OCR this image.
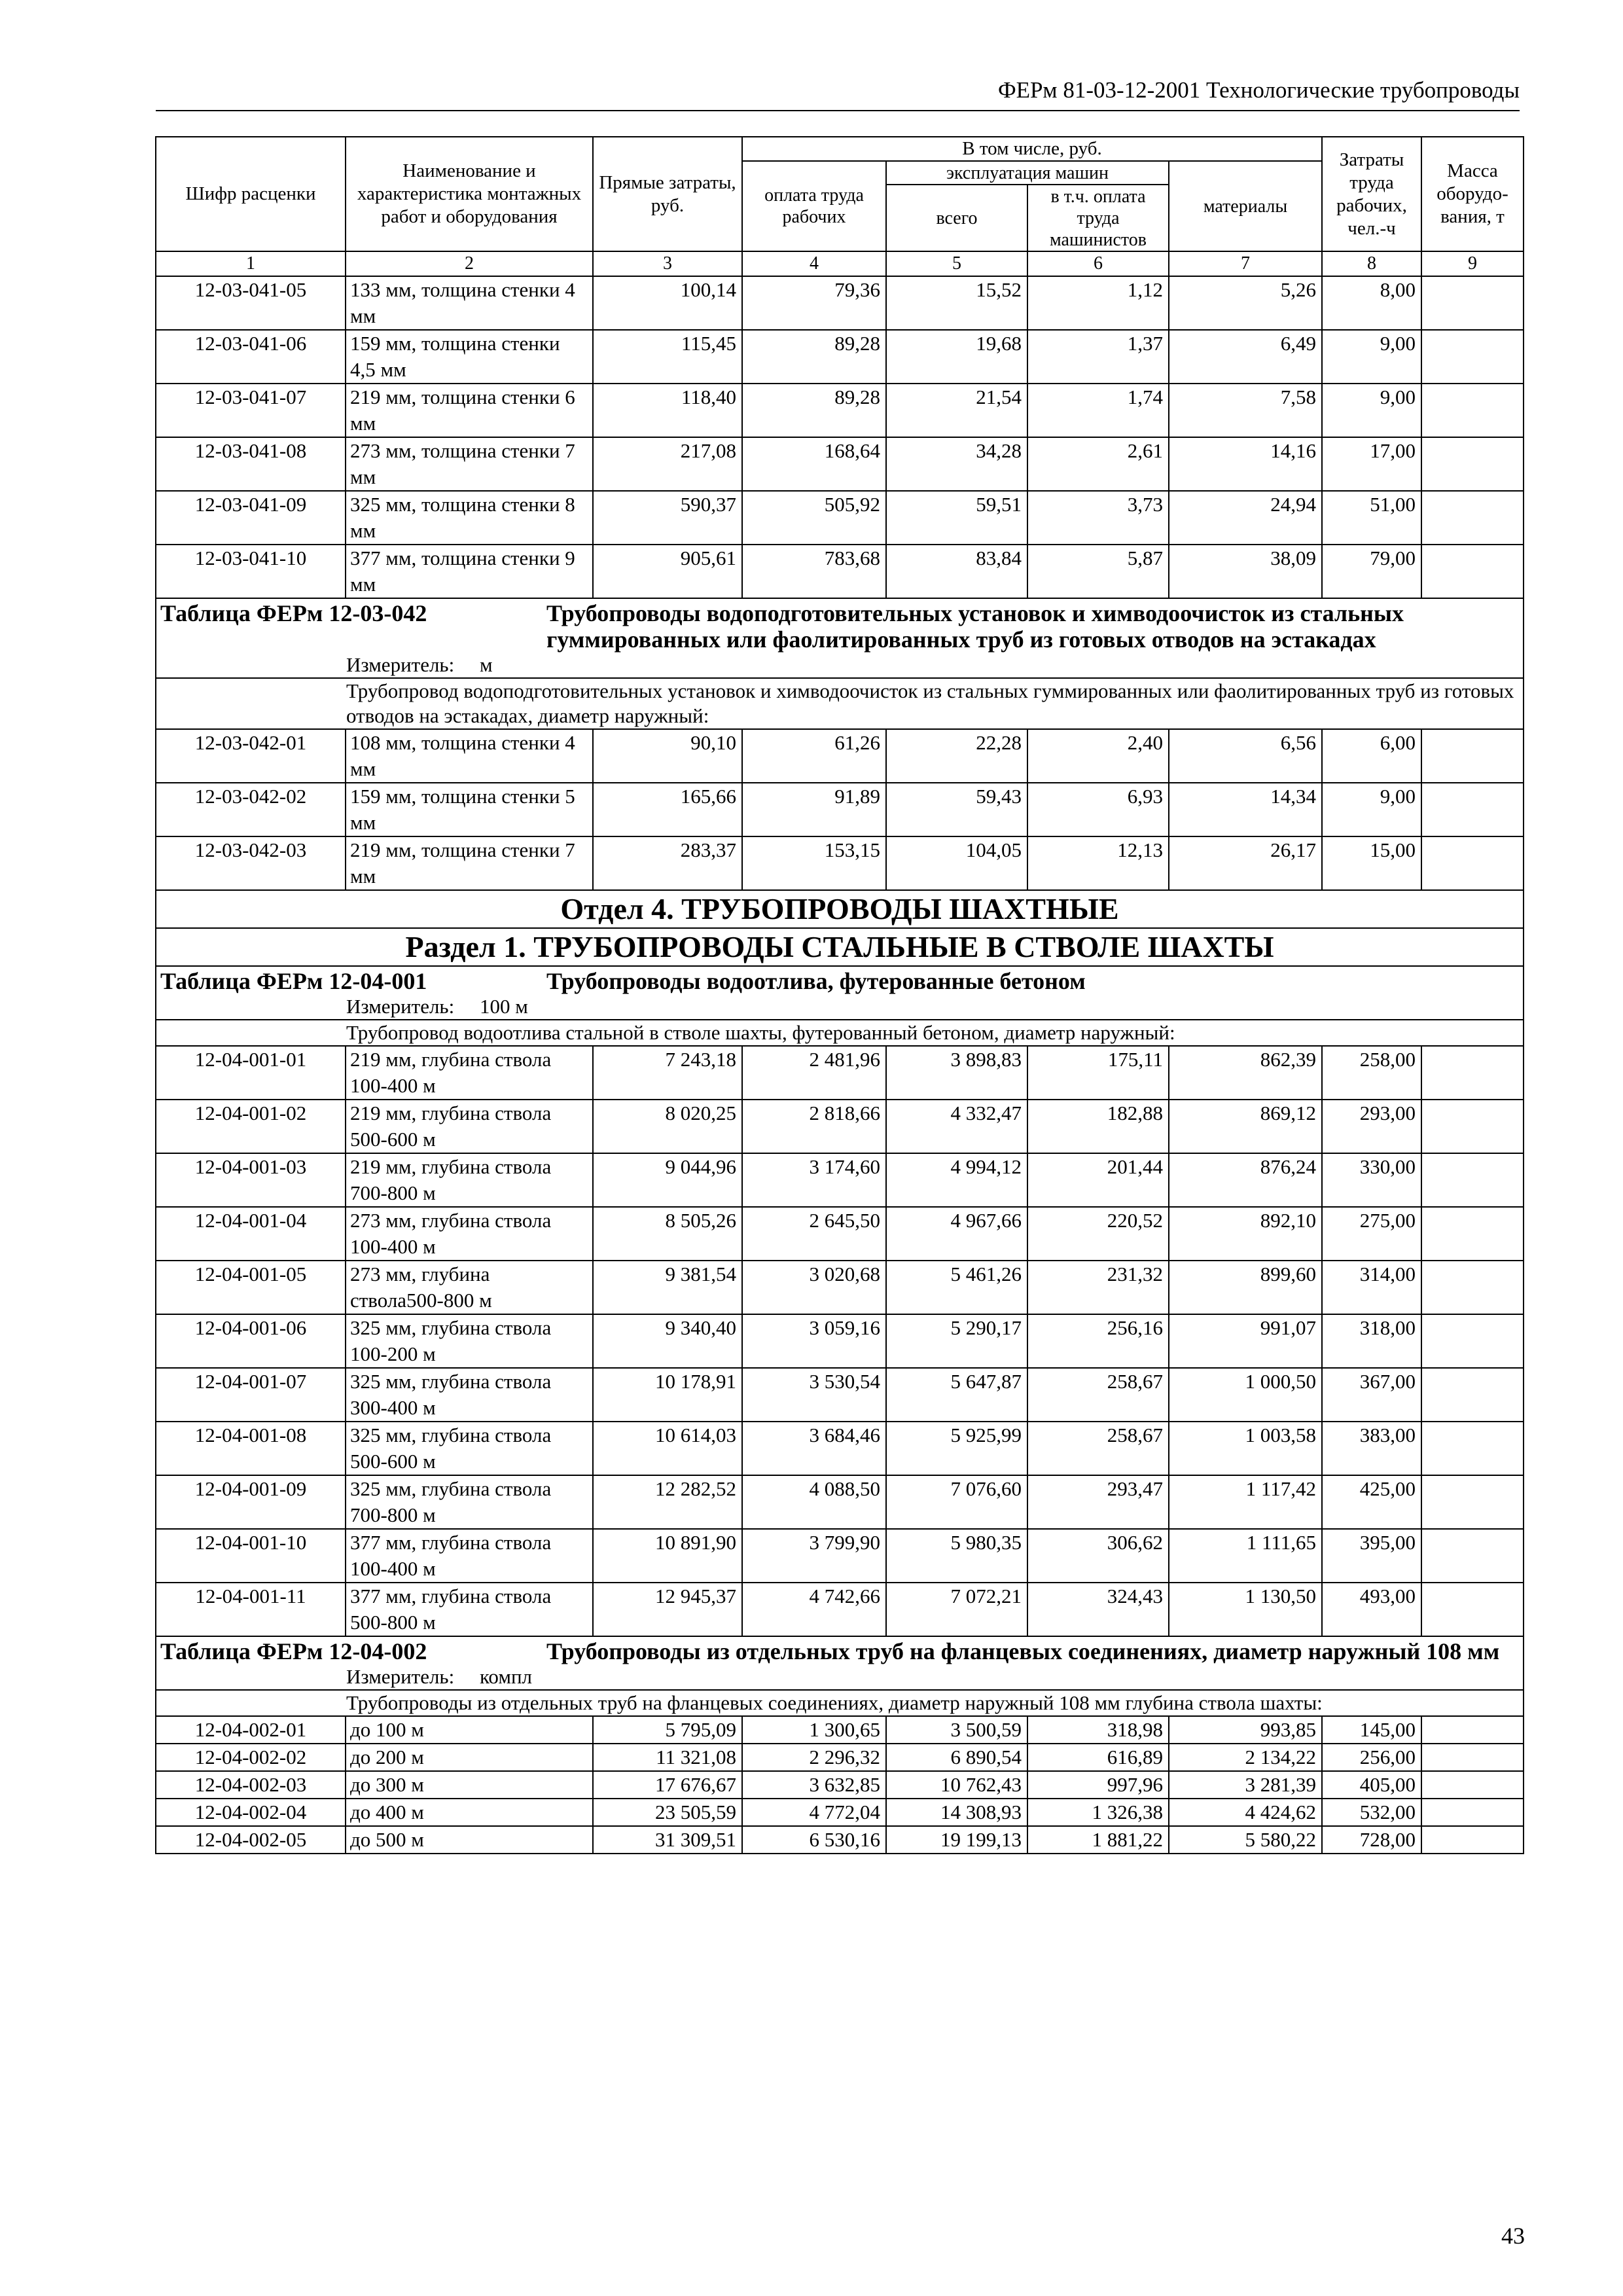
ФЕРм 81-03-12-2001 Технологические трубопроводы
Шифр расценки	Наименование и характеристика монтажных работ и оборудования	Прямые затраты, руб.	В том числе, руб.				Затраты труда рабочих, чел.-ч	Масса оборудо-вания, т
			оплата труда рабочих	эксплуатация машин		материалы		
				всего	в т.ч. оплата труда машинистов			
1	2	3	4	5	6	7	8	9
12-03-041-05	133 мм, толщина стенки 4 мм	100,14	79,36	15,52	1,12	5,26	8,00	
12-03-041-06	159 мм, толщина стенки 4,5 мм	115,45	89,28	19,68	1,37	6,49	9,00	
12-03-041-07	219 мм, толщина стенки 6 мм	118,40	89,28	21,54	1,74	7,58	9,00	
12-03-041-08	273 мм, толщина стенки 7 мм	217,08	168,64	34,28	2,61	14,16	17,00	
12-03-041-09	325 мм, толщина стенки 8 мм	590,37	505,92	59,51	3,73	24,94	51,00	
12-03-041-10	377 мм, толщина стенки 9 мм	905,61	783,68	83,84	5,87	38,09	79,00	
Таблица ФЕРм 12-03-042 Трубопроводы водоподготовительных установок и химводоочисток из стальных гуммированных или фаолитированных труб из готовых отводов на эстакадах								
Измеритель: м								
Трубопровод водоподготовительных установок и химводоочисток из стальных гуммированных или фаолитированных труб из готовых отводов на эстакадах, диаметр наружный:								
12-03-042-01	108 мм, толщина стенки 4 мм	90,10	61,26	22,28	2,40	6,56	6,00	
12-03-042-02	159 мм, толщина стенки 5 мм	165,66	91,89	59,43	6,93	14,34	9,00	
12-03-042-03	219 мм, толщина стенки 7 мм	283,37	153,15	104,05	12,13	26,17	15,00	
Отдел 4. ТРУБОПРОВОДЫ ШАХТНЫЕ								
Раздел 1. ТРУБОПРОВОДЫ СТАЛЬНЫЕ В СТВОЛЕ ШАХТЫ								
Таблица ФЕРм 12-04-001 Трубопроводы водоотлива, футерованные бетоном								
Измеритель: 100 м								
Трубопровод водоотлива стальной в стволе шахты, футерованный бетоном, диаметр наружный:								
12-04-001-01	219 мм, глубина ствола 100-400 м	7 243,18	2 481,96	3 898,83	175,11	862,39	258,00	
12-04-001-02	219 мм, глубина ствола 500-600 м	8 020,25	2 818,66	4 332,47	182,88	869,12	293,00	
12-04-001-03	219 мм, глубина ствола 700-800 м	9 044,96	3 174,60	4 994,12	201,44	876,24	330,00	
12-04-001-04	273 мм, глубина ствола 100-400 м	8 505,26	2 645,50	4 967,66	220,52	892,10	275,00	
12-04-001-05	273 мм, глубина ствола500-800 м	9 381,54	3 020,68	5 461,26	231,32	899,60	314,00	
12-04-001-06	325 мм, глубина ствола 100-200 м	9 340,40	3 059,16	5 290,17	256,16	991,07	318,00	
12-04-001-07	325 мм, глубина ствола 300-400 м	10 178,91	3 530,54	5 647,87	258,67	1 000,50	367,00	
12-04-001-08	325 мм, глубина ствола 500-600 м	10 614,03	3 684,46	5 925,99	258,67	1 003,58	383,00	
12-04-001-09	325 мм, глубина ствола 700-800 м	12 282,52	4 088,50	7 076,60	293,47	1 117,42	425,00	
12-04-001-10	377 мм, глубина ствола 100-400 м	10 891,90	3 799,90	5 980,35	306,62	1 111,65	395,00	
12-04-001-11	377 мм, глубина ствола 500-800 м	12 945,37	4 742,66	7 072,21	324,43	1 130,50	493,00	
Таблица ФЕРм 12-04-002 Трубопроводы из отдельных труб на фланцевых соединениях, диаметр наружный 108 мм								
Измеритель: компл								
Трубопроводы из отдельных труб на фланцевых соединениях, диаметр наружный 108 мм глубина ствола шахты:								
12-04-002-01	до 100 м	5 795,09	1 300,65	3 500,59	318,98	993,85	145,00	
12-04-002-02	до 200 м	11 321,08	2 296,32	6 890,54	616,89	2 134,22	256,00	
12-04-002-03	до 300 м	17 676,67	3 632,85	10 762,43	997,96	3 281,39	405,00	
12-04-002-04	до 400 м	23 505,59	4 772,04	14 308,93	1 326,38	4 424,62	532,00	
12-04-002-05	до 500 м	31 309,51	6 530,16	19 199,13	1 881,22	5 580,22	728,00	
43
